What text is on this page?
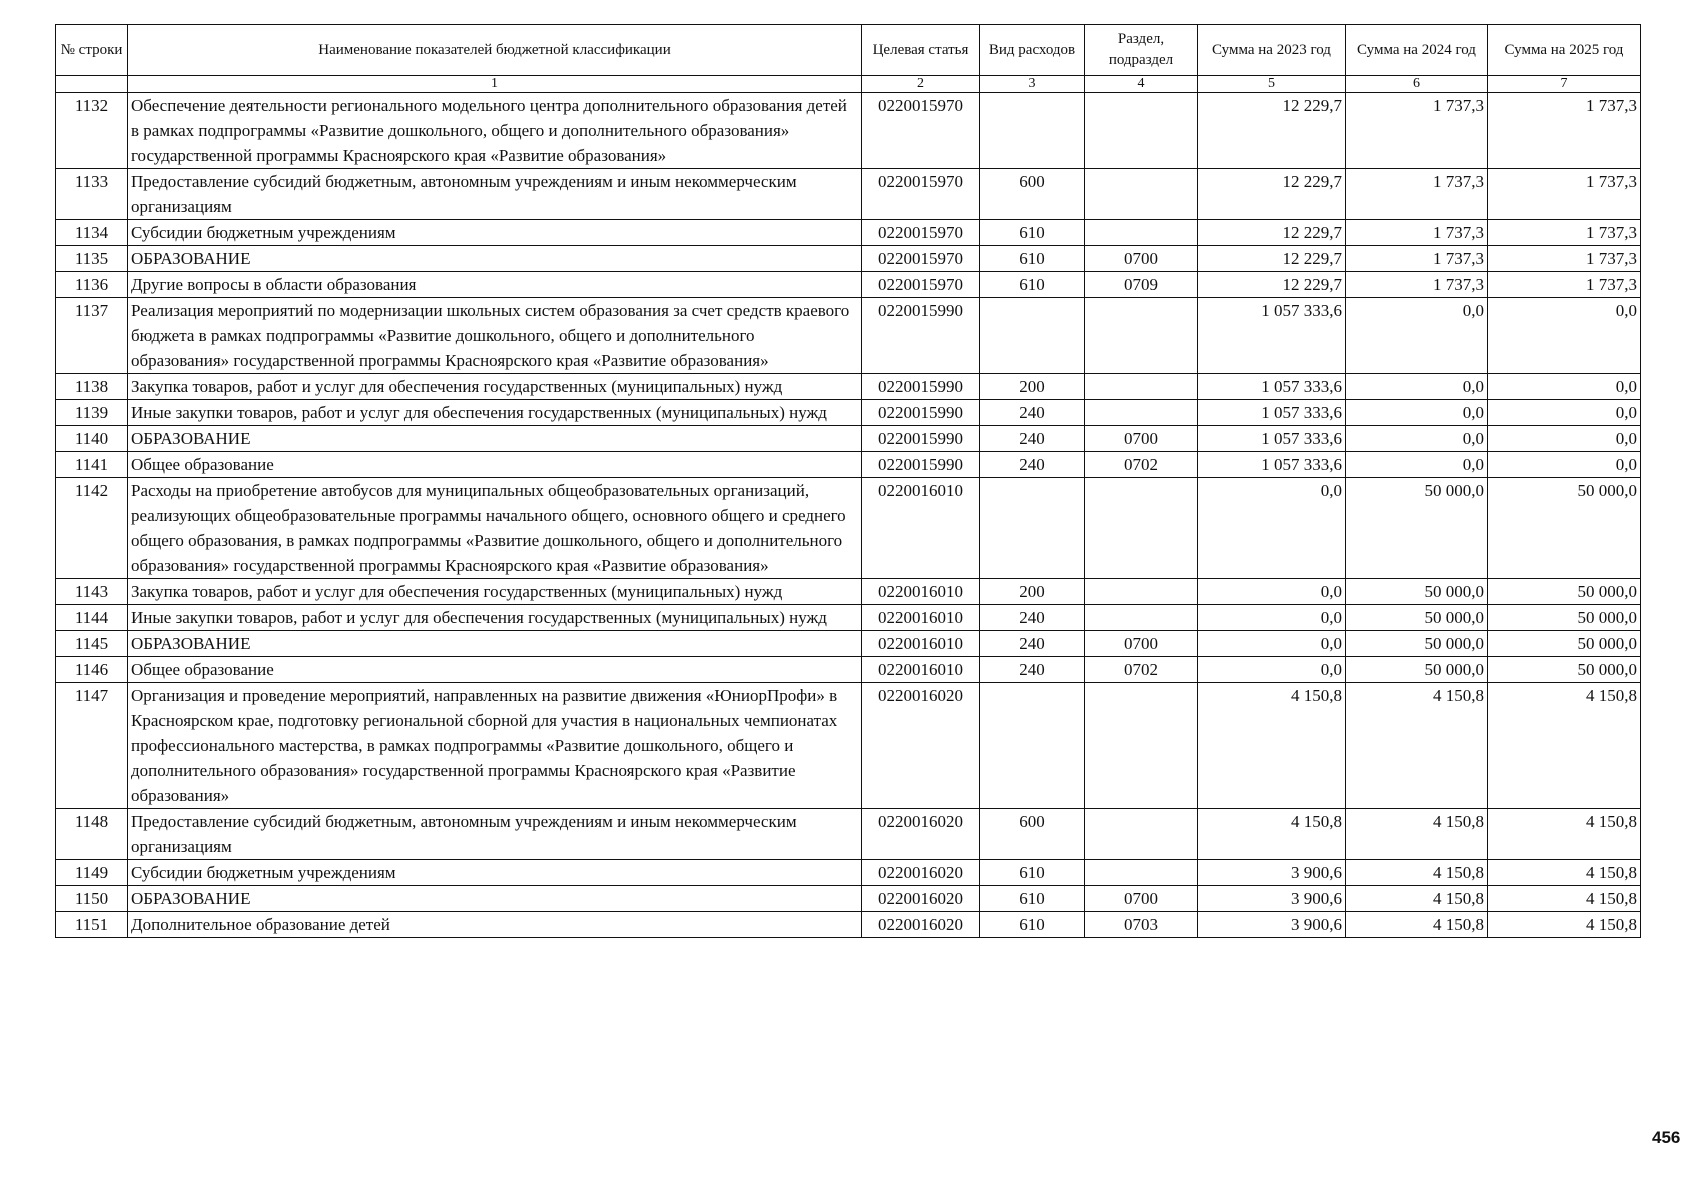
№ строки	Наименование показателей бюджетной классификации	Целевая статья	Вид расходов	Раздел, подраздел	Сумма на 2023 год	Сумма на 2024 год	Сумма на 2025 год
	1	2	3	4	5	6	7
1132	Обеспечение деятельности регионального модельного центра дополнительного образования детей в рамках подпрограммы «Развитие дошкольного, общего и дополнительного образования» государственной программы Красноярского края «Развитие образования»	0220015970			12 229,7	1 737,3	1 737,3
1133	Предоставление субсидий бюджетным, автономным учреждениям и иным некоммерческим организациям	0220015970	600		12 229,7	1 737,3	1 737,3
1134	Субсидии бюджетным учреждениям	0220015970	610		12 229,7	1 737,3	1 737,3
1135	ОБРАЗОВАНИЕ	0220015970	610	0700	12 229,7	1 737,3	1 737,3
1136	Другие вопросы в области образования	0220015970	610	0709	12 229,7	1 737,3	1 737,3
1137	Реализация мероприятий по модернизации школьных систем образования за счет средств краевого бюджета в рамках подпрограммы «Развитие дошкольного, общего и дополнительного образования» государственной программы Красноярского края «Развитие образования»	0220015990			1 057 333,6	0,0	0,0
1138	Закупка товаров, работ и услуг для обеспечения государственных (муниципальных) нужд	0220015990	200		1 057 333,6	0,0	0,0
1139	Иные закупки товаров, работ и услуг для обеспечения государственных (муниципальных) нужд	0220015990	240		1 057 333,6	0,0	0,0
1140	ОБРАЗОВАНИЕ	0220015990	240	0700	1 057 333,6	0,0	0,0
1141	Общее образование	0220015990	240	0702	1 057 333,6	0,0	0,0
1142	Расходы на приобретение автобусов для муниципальных общеобразовательных организаций, реализующих общеобразовательные программы начального общего, основного общего и среднего общего образования, в рамках подпрограммы «Развитие дошкольного, общего и дополнительного образования» государственной программы Красноярского края «Развитие образования»	0220016010			0,0	50 000,0	50 000,0
1143	Закупка товаров, работ и услуг для обеспечения государственных (муниципальных) нужд	0220016010	200		0,0	50 000,0	50 000,0
1144	Иные закупки товаров, работ и услуг для обеспечения государственных (муниципальных) нужд	0220016010	240		0,0	50 000,0	50 000,0
1145	ОБРАЗОВАНИЕ	0220016010	240	0700	0,0	50 000,0	50 000,0
1146	Общее образование	0220016010	240	0702	0,0	50 000,0	50 000,0
1147	Организация и проведение мероприятий, направленных на развитие движения «ЮниорПрофи» в Красноярском крае, подготовку региональной сборной для участия в национальных чемпионатах профессионального мастерства, в рамках подпрограммы «Развитие дошкольного, общего и дополнительного образования» государственной программы Красноярского края «Развитие образования»	0220016020			4 150,8	4 150,8	4 150,8
1148	Предоставление субсидий бюджетным, автономным учреждениям и иным некоммерческим организациям	0220016020	600		4 150,8	4 150,8	4 150,8
1149	Субсидии бюджетным учреждениям	0220016020	610		3 900,6	4 150,8	4 150,8
1150	ОБРАЗОВАНИЕ	0220016020	610	0700	3 900,6	4 150,8	4 150,8
1151	Дополнительное образование детей	0220016020	610	0703	3 900,6	4 150,8	4 150,8
456
